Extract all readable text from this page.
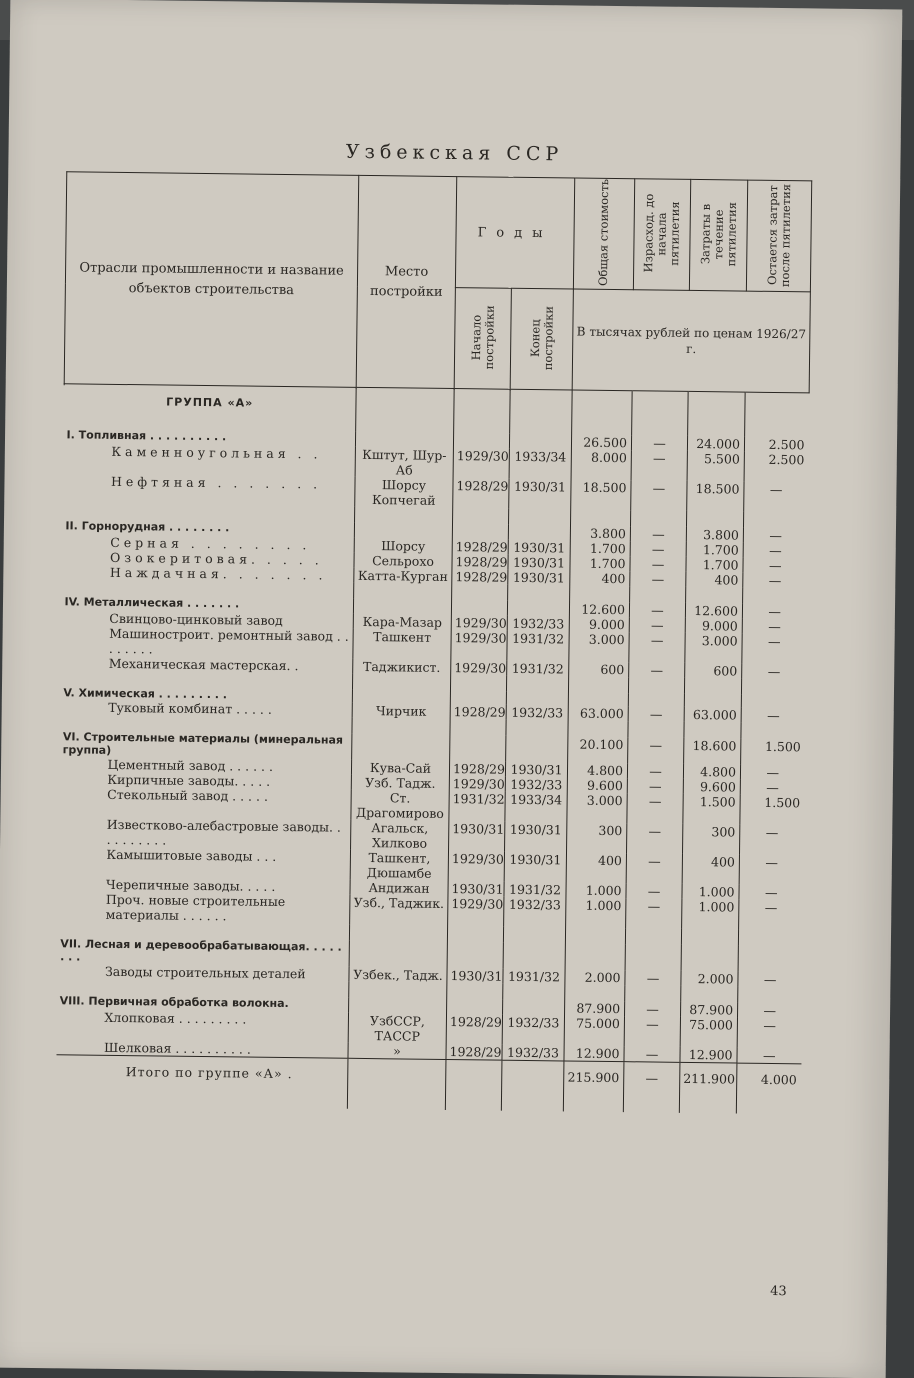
Узбекская ССР
Отрасли промышленности и название объектов строительства	Место постройки	Годы		Общая стоимость	Израсход. до начала пятилетия	Затраты в течение пятилетия	Остается затрат после пятилетия
		Начало постройки	Конец постройки	В тысячах рублей по ценам 1926/27 г.			

ГРУППА «А»							
I. Топливная . . . . . . . . . .				26.500	—	24.000	2.500
Каменноугольная . .	Кштут, Шур-Аб	1929/30	1933/34	8.000	—	5.500	2.500
Нефтяная . . . . . . .	Шорсу Копчегай	1928/29	1930/31	18.500	—	18.500	—

II. Горнорудная . . . . . . . .				3.800	—	3.800	—
Серная . . . . . . . .	Шорсу	1928/29	1930/31	1.700	—	1.700	—
Озокеритовая. . . . .	Сельрохо	1928/29	1930/31	1.700	—	1.700	—
Наждачная. . . . . . .	Катта-Курган	1928/29	1930/31	400	—	400	—

IV. Металлическая . . . . . . .				12.600	—	12.600	—
Свинцово-цинковый завод	Кара-Мазар	1929/30	1932/33	9.000	—	9.000	—
Машиностроит. ремонтный завод . . . . . . . .	Ташкент	1929/30	1931/32	3.000	—	3.000	—
Механическая мастерская. .	Таджикист.	1929/30	1931/32	600	—	600	—

V. Химическая . . . . . . . . .							
Туковый комбинат . . . . .	Чирчик	1928/29	1932/33	63.000	—	63.000	—

VI. Строительные материалы (минеральная группа)				20.100	—	18.600	1.500
Цементный завод . . . . . .	Кува-Сай	1928/29	1930/31	4.800	—	4.800	—
Кирпичные заводы. . . . .	Узб. Тадж.	1929/30	1932/33	9.600	—	9.600	—
Стекольный завод . . . . .	Ст. Драгомирово	1931/32	1933/34	3.000	—	1.500	1.500
Известково-алебастровые заводы. . . . . . . . . .	Агальск, Хилково	1930/31	1930/31	300	—	300	—
Камышитовые заводы . . .	Ташкент, Дюшамбе	1929/30	1930/31	400	—	400	—
Черепичные заводы. . . . .	Андижан	1930/31	1931/32	1.000	—	1.000	—
Проч. новые строительные материалы . . . . . .	Узб., Таджик.	1929/30	1932/33	1.000	—	1.000	—

VII. Лесная и деревообрабатывающая. . . . . . . .							
Заводы строительных деталей	Узбек., Тадж.	1930/31	1931/32	2.000	—	2.000	—

VIII. Первичная обработка волокна.				87.900	—	87.900	—
Хлопковая . . . . . . . . .	УзбССР, ТАССР	1928/29	1932/33	75.000	—	75.000	—
Шелковая . . . . . . . . . .	»	1928/29	1932/33	12.900	—	12.900	—
Итого по группе «А» .				215.900	—	211.900	4.000
43
